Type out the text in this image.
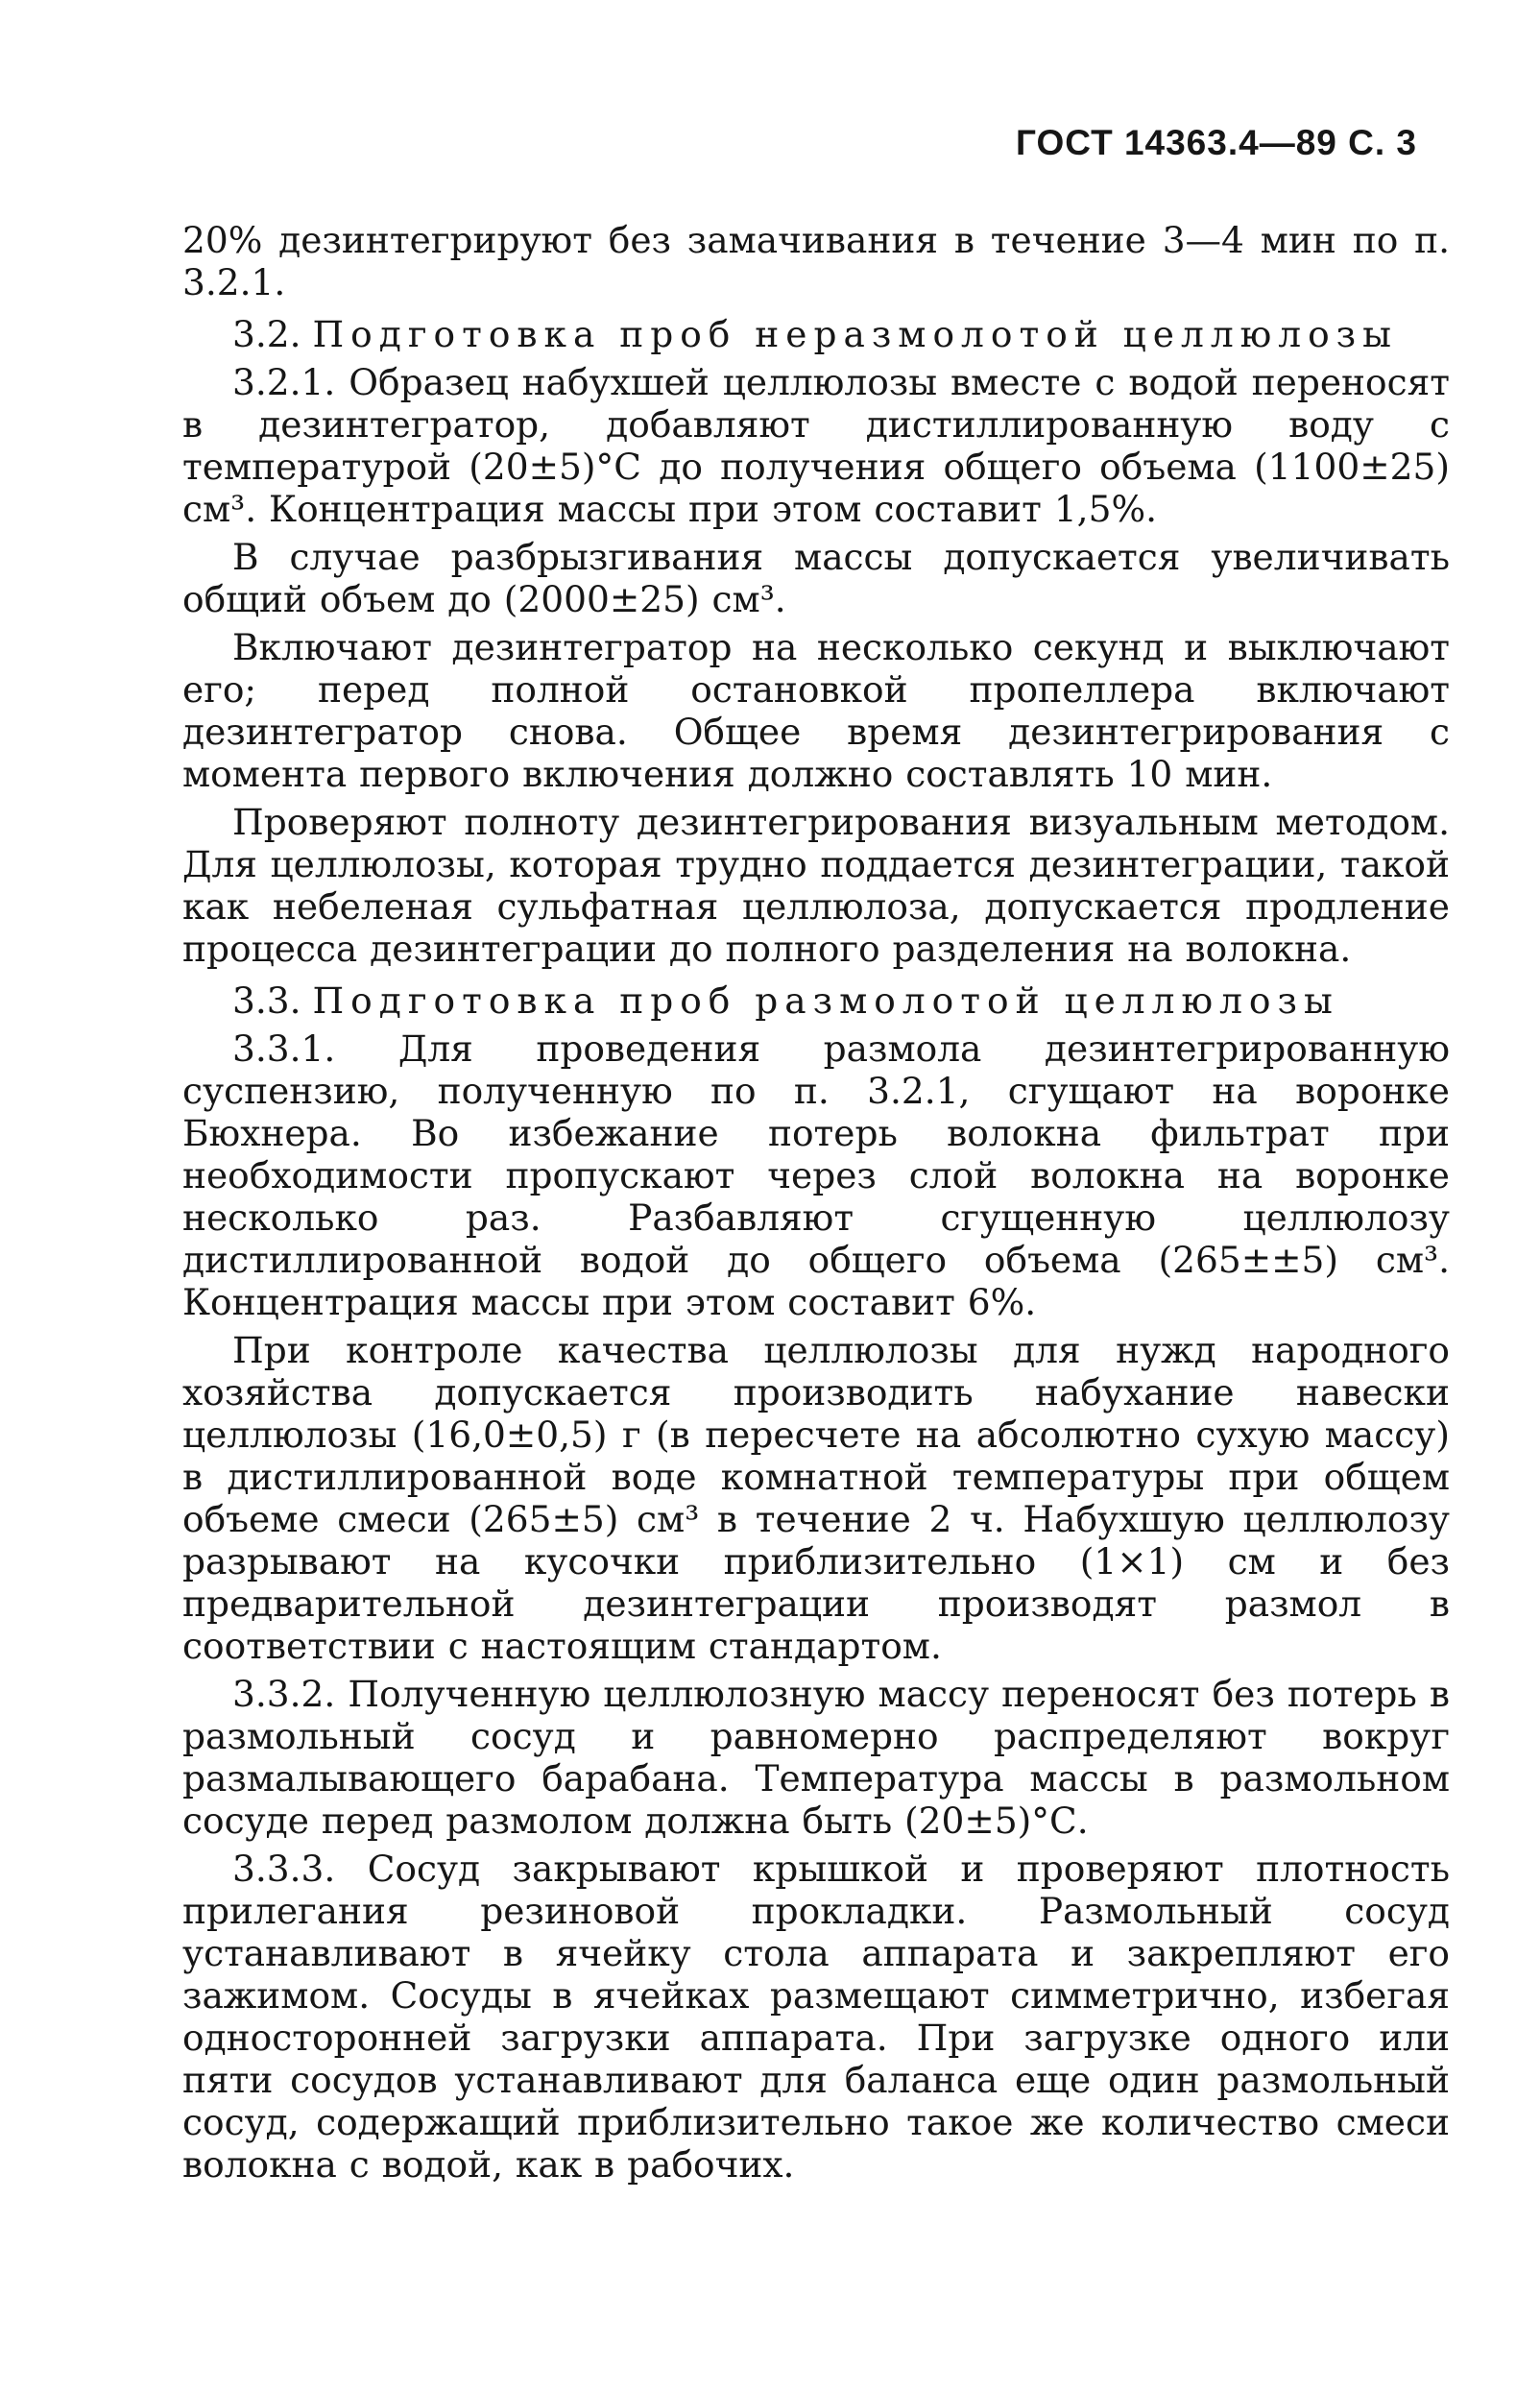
ГОСТ 14363.4—89 С. 3

20% дезинтегрируют без замачивания в течение 3—4 мин по п. 3.2.1.

3.2. Подготовка проб неразмолотой целлюлозы

3.2.1. Образец набухшей целлюлозы вместе с водой переносят в дезинтегратор, добавляют дистиллированную воду с температурой (20±5)°С до получения общего объема (1100±25) см³. Концентрация массы при этом составит 1,5%.

В случае разбрызгивания массы допускается увеличивать общий объем до (2000±25) см³.

Включают дезинтегратор на несколько секунд и выключают его; перед полной остановкой пропеллера включают дезинтегратор снова. Общее время дезинтегрирования с момента первого включения должно составлять 10 мин.

Проверяют полноту дезинтегрирования визуальным методом. Для целлюлозы, которая трудно поддается дезинтеграции, такой как небеленая сульфатная целлюлоза, допускается продление процесса дезинтеграции до полного разделения на волокна.

3.3. Подготовка проб размолотой целлюлозы

3.3.1. Для проведения размола дезинтегрированную суспензию, полученную по п. 3.2.1, сгущают на воронке Бюхнера. Во избежание потерь волокна фильтрат при необходимости пропускают через слой волокна на воронке несколько раз. Разбавляют сгущенную целлюлозу дистиллированной водой до общего объема (265±±5) см³. Концентрация массы при этом составит 6%.

При контроле качества целлюлозы для нужд народного хозяйства допускается производить набухание навески целлюлозы (16,0±0,5) г (в пересчете на абсолютно сухую массу) в дистиллированной воде комнатной температуры при общем объеме смеси (265±5) см³ в течение 2 ч. Набухшую целлюлозу разрывают на кусочки приблизительно (1×1) см и без предварительной дезинтеграции производят размол в соответствии с настоящим стандартом.

3.3.2. Полученную целлюлозную массу переносят без потерь в размольный сосуд и равномерно распределяют вокруг размалывающего барабана. Температура массы в размольном сосуде перед размолом должна быть (20±5)°С.

3.3.3. Сосуд закрывают крышкой и проверяют плотность прилегания резиновой прокладки. Размольный сосуд устанавливают в ячейку стола аппарата и закрепляют его зажимом. Сосуды в ячейках размещают симметрично, избегая односторонней загрузки аппарата. При загрузке одного или пяти сосудов устанавливают для баланса еще один размольный сосуд, содержащий приблизительно такое же количество смеси волокна с водой, как в рабочих.
